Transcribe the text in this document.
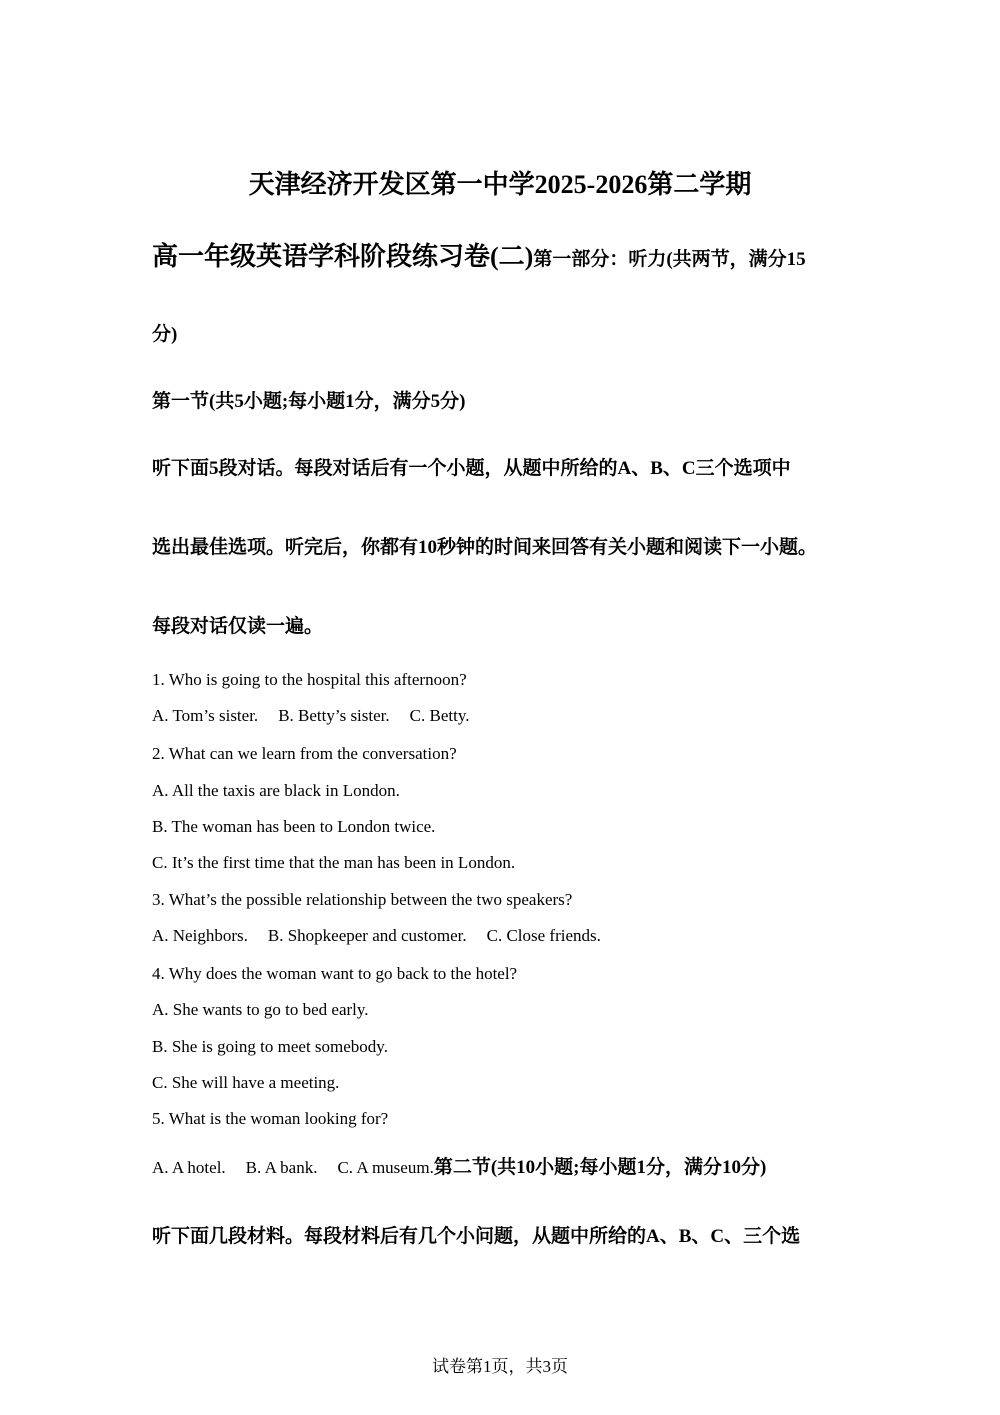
天津经济开发区第一中学2025-2026第二学期
高一年级英语学科阶段练习卷(二)第一部分：听力(共两节，满分15
分)
第一节(共5小题;每小题1分，满分5分)
听下面5段对话。每段对话后有一个小题，从题中所给的A、B、C三个选项中
选出最佳选项。听完后，你都有10秒钟的时间来回答有关小题和阅读下一小题。
每段对话仅读一遍。
1. Who is going to the hospital this afternoon?
A. Tom’s sister. B. Betty’s sister. C. Betty.
2. What can we learn from the conversation?
A. All the taxis are black in London.
B. The woman has been to London twice.
C. It’s the first time that the man has been in London.
3. What’s the possible relationship between the two speakers?
A. Neighbors. B. Shopkeeper and customer. C. Close friends.
4. Why does the woman want to go back to the hotel?
A. She wants to go to bed early.
B. She is going to meet somebody.
C. She will have a meeting.
5. What is the woman looking for?
A. A hotel. B. A bank. C. A museum.第二节(共10小题;每小题1分，满分10分)
听下面几段材料。每段材料后有几个小问题，从题中所给的A、B、C、三个选
试卷第1页，共3页
